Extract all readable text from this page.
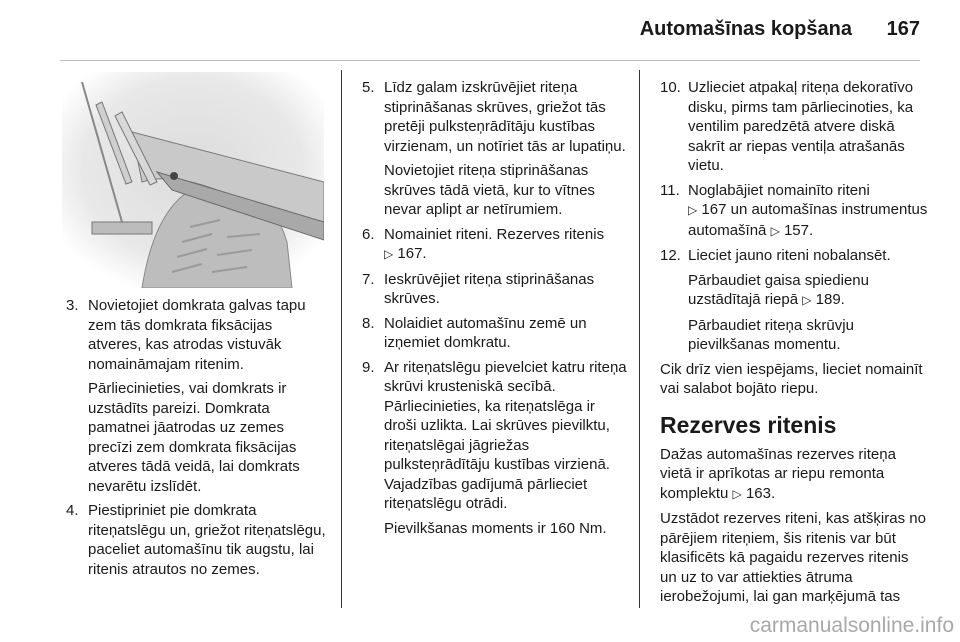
Automašīnas kopšana 167
3. Novietojiet domkrata galvas tapu zem tās domkrata fiksācijas atveres, kas atrodas vistuvāk nomaināmajam ritenim.
Pārliecinieties, vai domkrats ir uzstādīts pareizi. Domkrata pamatnei jāatrodas uz zemes precīzi zem domkrata fiksācijas atveres tādā veidā, lai domkrats nevarētu izslīdēt.
4. Piestipriniet pie domkrata riteņatslēgu un, griežot riteņatslēgu, paceliet automašīnu tik augstu, lai ritenis atrautos no zemes.
5. Līdz galam izskrūvējiet riteņa stiprināšanas skrūves, griežot tās pretēji pulksteņrādītāju kustības virzienam, un notīriet tās ar lupatiņu.
Novietojiet riteņa stiprināšanas skrūves tādā vietā, kur to vītnes nevar aplipt ar netīrumiem.
6. Nomainiet riteni. Rezerves ritenis
▷ 167.
7. Ieskrūvējiet riteņa stiprināšanas skrūves.
8. Nolaidiet automašīnu zemē un izņemiet domkratu.
9. Ar riteņatslēgu pievelciet katru riteņa skrūvi krusteniskā secībā. Pārliecinieties, ka riteņatslēga ir droši uzlikta. Lai skrūves pievilktu, riteņatslēgai jāgriežas pulksteņrādītāju kustības virzienā. Vajadzības gadījumā pārlieciet riteņatslēgu otrādi.
Pievilkšanas moments ir 160 Nm.
10. Uzlieciet atpakaļ riteņa dekoratīvo disku, pirms tam pārliecinoties, ka ventilim paredzētā atvere diskā sakrīt ar riepas ventiļa atrašanās vietu.
11. Noglabājiet nomainīto riteni
▷ 167 un automašīnas instrumentus automašīnā ▷ 157.
12. Lieciet jauno riteni nobalansēt.
Pārbaudiet gaisa spiedienu uzstādītajā riepā ▷ 189.
Pārbaudiet riteņa skrūvju pievilkšanas momentu.
Cik drīz vien iespējams, lieciet nomainīt vai salabot bojāto riepu.
Rezerves ritenis
Dažas automašīnas rezerves riteņa vietā ir aprīkotas ar riepu remonta komplektu ▷ 163.
Uzstādot rezerves riteni, kas atšķiras no pārējiem riteņiem, šis ritenis var būt klasificēts kā pagaidu rezerves ritenis un uz to var attiekties ātruma ierobežojumi, lai gan marķējumā tas
carmanualsonline.info
